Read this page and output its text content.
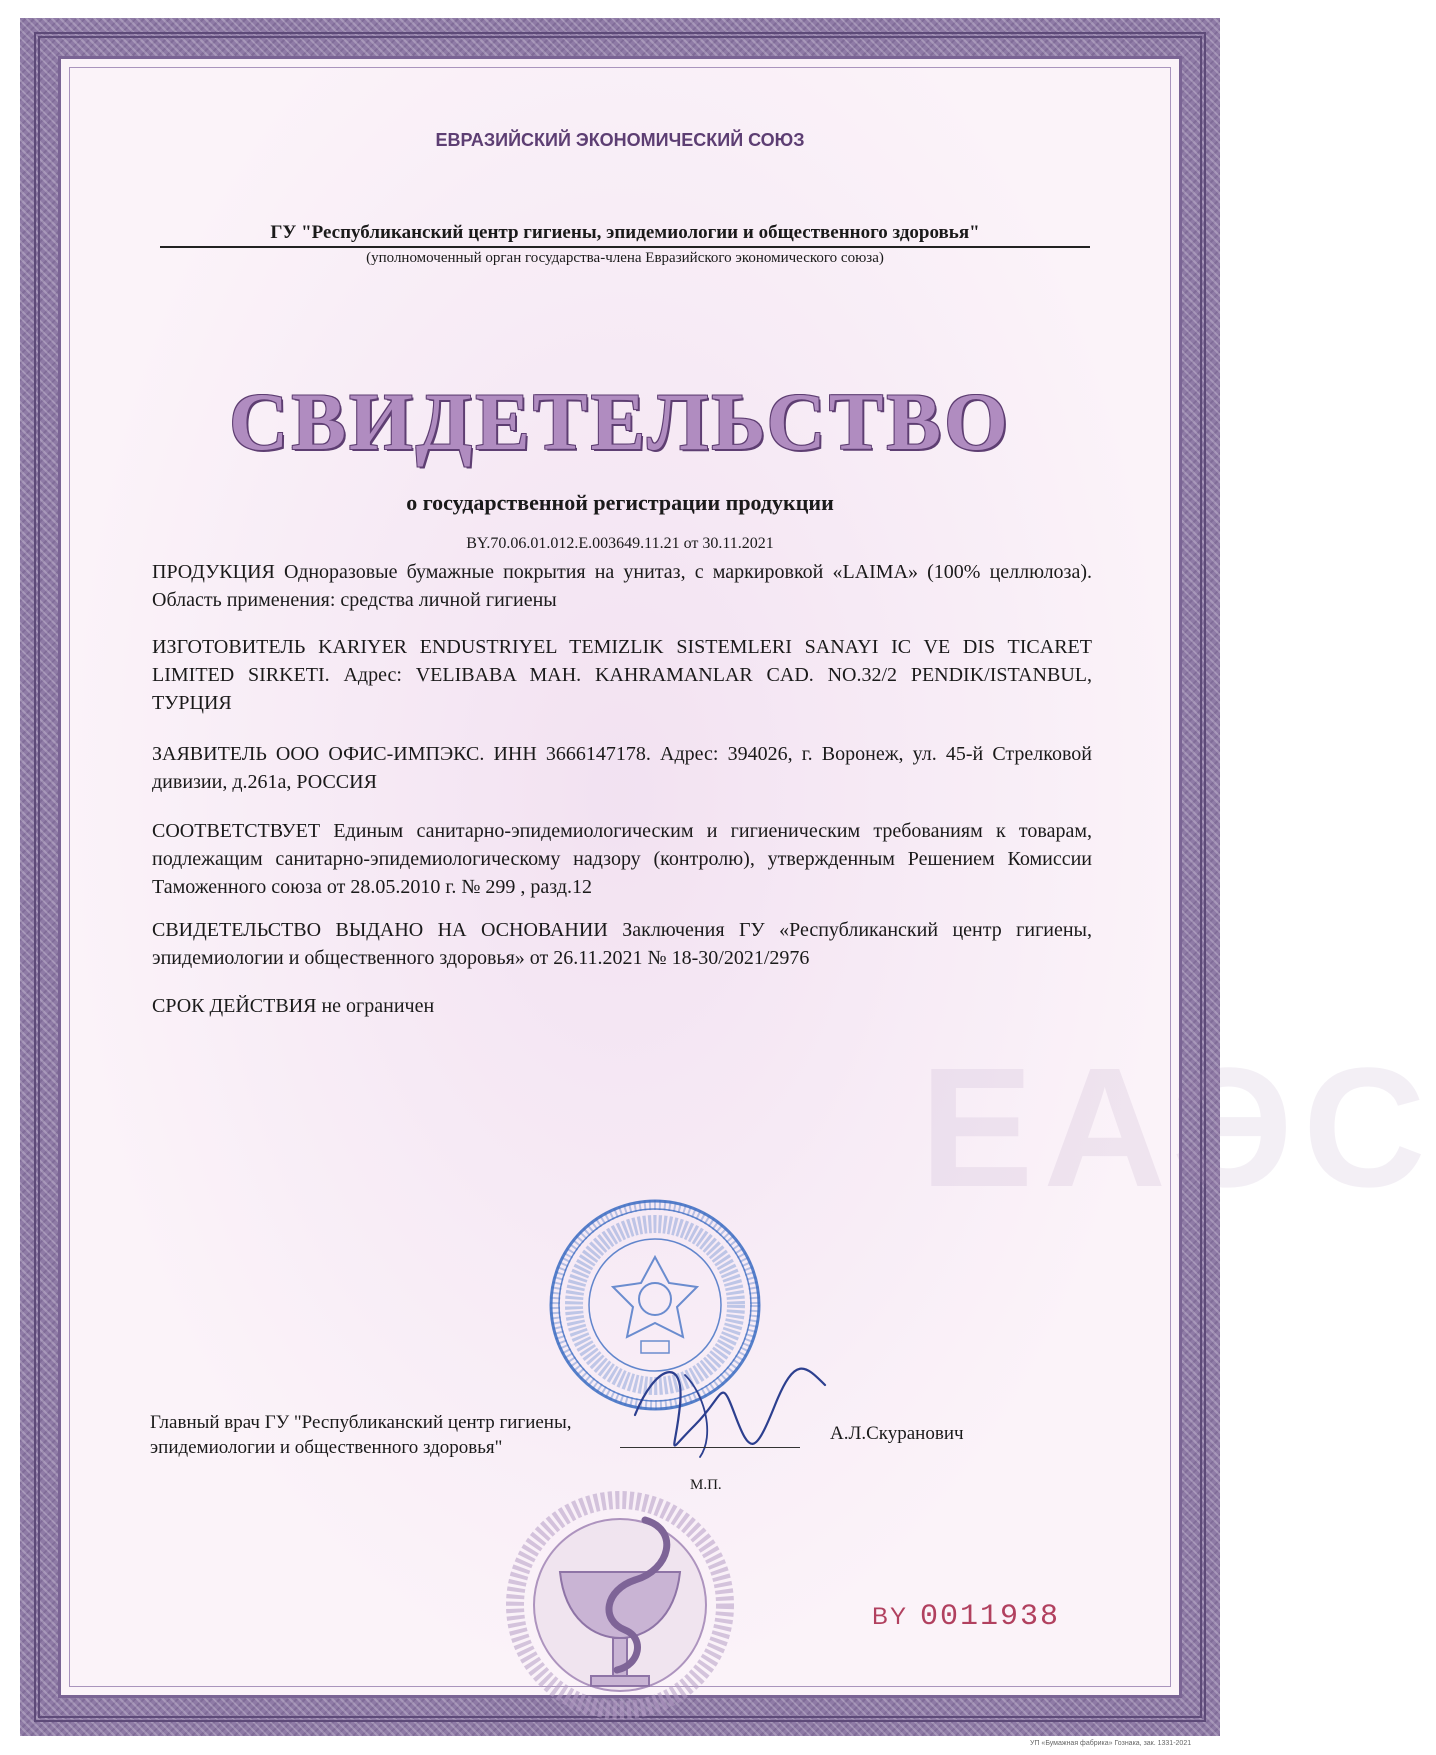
ЕАЭС
ЕВРАЗИЙСКИЙ ЭКОНОМИЧЕСКИЙ СОЮЗ
ГУ "Республиканский центр гигиены, эпидемиологии и общественного здоровья"
(уполномоченный орган государства-члена Евразийского экономического союза)
СВИДЕТЕЛЬСТВО
о государственной регистрации продукции
BY.70.06.01.012.E.003649.11.21 от 30.11.2021
ПРОДУКЦИЯ Одноразовые бумажные покрытия на унитаз, с маркировкой «LAIMA» (100% целлюлоза). Область применения: средства личной гигиены
ИЗГОТОВИТЕЛЬ KARIYER ENDUSTRIYEL TEMIZLIK SISTEMLERI SANAYI IC VE DIS TICARET LIMITED SIRKETI. Адрес: VELIBABA MAH. KAHRAMANLAR CAD. NO.32/2 PENDIK/ISTANBUL, ТУРЦИЯ
ЗАЯВИТЕЛЬ ООО ОФИС-ИМПЭКС. ИНН 3666147178. Адрес: 394026, г. Воронеж, ул. 45-й Стрелковой дивизии, д.261а, РОССИЯ
СООТВЕТСТВУЕТ Единым санитарно-эпидемиологическим и гигиеническим требованиям к товарам, подлежащим санитарно-эпидемиологическому надзору (контролю), утвержденным Решением Комиссии Таможенного союза от 28.05.2010 г. № 299 , разд.12
СВИДЕТЕЛЬСТВО ВЫДАНО НА ОСНОВАНИИ Заключения ГУ «Республиканский центр гигиены, эпидемиологии и общественного здоровья» от 26.11.2021 № 18-30/2021/2976
СРОК ДЕЙСТВИЯ не ограничен
Главный врач ГУ "Республиканский центр гигиены, эпидемиологии и общественного здоровья"
А.Л.Скуранович
М.П.
BY 0011938
УП «Бумажная фабрика» Гознака, зак. 1331-2021
